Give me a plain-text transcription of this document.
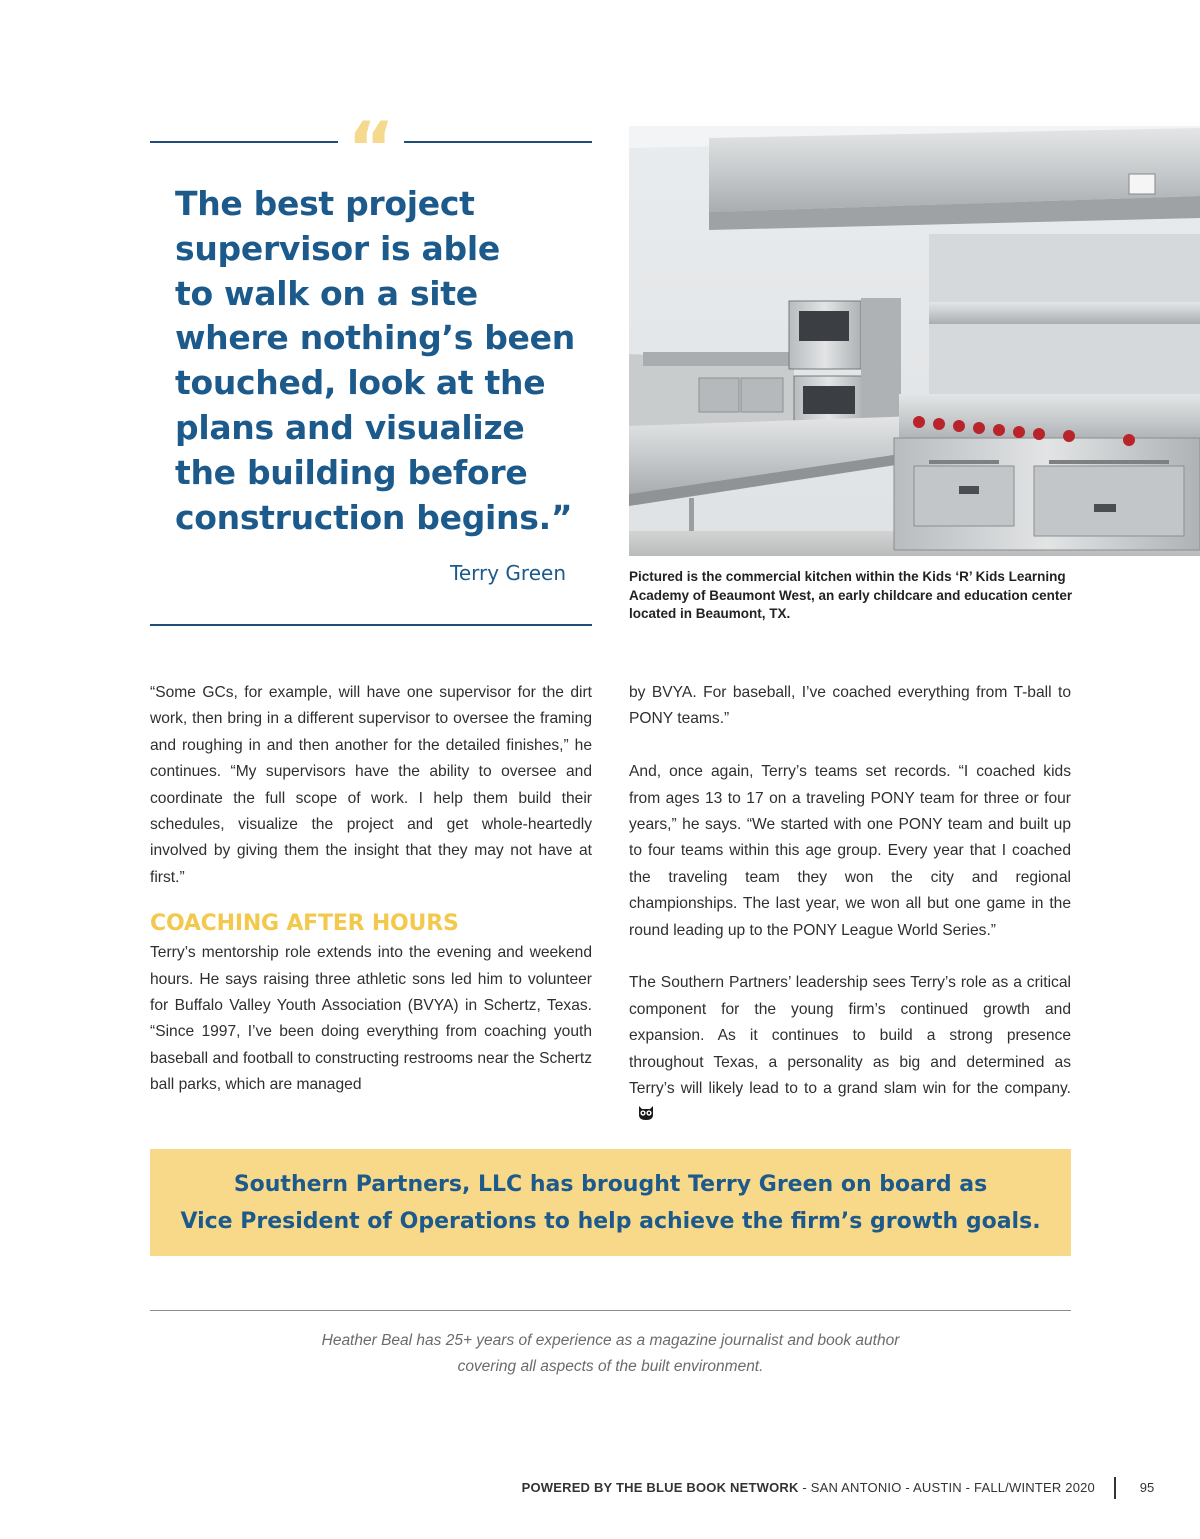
“
The best project
supervisor is able
to walk on a site
where nothing’s been
touched, look at the
plans and visualize
the building before
construction begins.”
Terry Green	Pictured is the commercial kitchen within the Kids ‘R’ Kids Learning
Academy of Beaumont West, an early childcare and education center
located in Beaumont, TX.

“Some GCs, for example, will have one supervisor for the dirt work, then bring in a different supervisor to oversee the framing and roughing in and then another for the detailed finishes,” he continues. “My supervisors have the ability to oversee and coordinate the full scope of work. I help them build their schedules, visualize the project and get whole-heartedly involved by giving them the insight that they may not have at first.”

COACHING AFTER HOURS

Terry’s mentorship role extends into the evening and weekend hours. He says raising three athletic sons led him to volunteer for Buffalo Valley Youth Association (BVYA) in Schertz, Texas. “Since 1997, I’ve been doing everything from coaching youth baseball and football to constructing restrooms near the Schertz ball parks, which are managed

by BVYA. For baseball, I’ve coached everything from T-ball to PONY teams.”

And, once again, Terry’s teams set records. “I coached kids from ages 13 to 17 on a traveling PONY team for three or four years,” he says. “We started with one PONY team and built up to four teams within this age group. Every year that I coached the traveling team they won the city and regional championships. The last year, we won all but one game in the round leading up to the PONY League World Series.”

The Southern Partners’ leadership sees Terry’s role as a critical component for the young firm’s continued growth and expansion. As it continues to build a strong presence throughout Texas, a personality as big and determined as Terry’s will likely lead to to a grand slam win for the company.

Southern Partners, LLC has brought Terry Green on board as
Vice President of Operations to help achieve the firm’s growth goals.
Heather Beal has 25+ years of experience as a magazine journalist and book author
covering all aspects of the built environment.
POWERED BY THE BLUE BOOK NETWORK - SAN ANTONIO - AUSTIN - FALL/WINTER 2020	95
